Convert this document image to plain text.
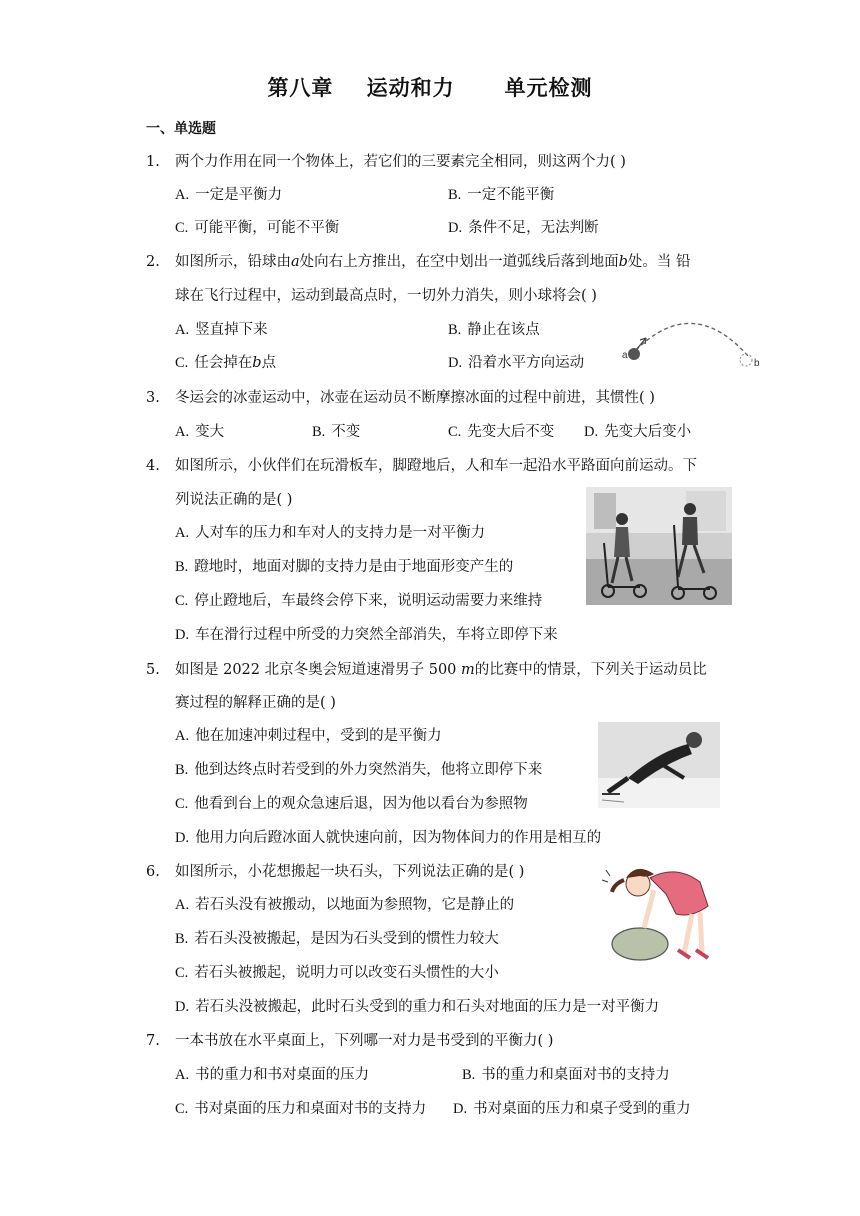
第八章    运动和力      单元检测
一、单选题
1. 两个力作用在同一个物体上，若它们的三要素完全相同，则这两个力( )
A. 一定是平衡力	B. 一定不能平衡
C. 可能平衡，可能不平衡	D. 条件不足，无法判断
2. 如图所示，铅球由𝑎处向右上方推出，在空中划出一道弧线后落到地面𝑏处。当 铅
球在飞行过程中，运动到最高点时，一切外力消失，则小球将会( )
A. 竖直掉下来	B. 静止在该点
C. 任会掉在𝑏点	D. 沿着水平方向运动	a
b
3. 冬运会的冰壶运动中，冰壶在运动员不断摩擦冰面的过程中前进，其惯性( )
A. 变大	B. 不变	C. 先变大后不变 D. 先变大后变小
4. 如图所示，小伙伴们在玩滑板车，脚蹬地后，人和车一起沿水平路面向前运动。下
列说法正确的是( )
A. 人对车的压力和车对人的支持力是一对平衡力
B. 蹬地时，地面对脚的支持力是由于地面形变产生的
C. 停止蹬地后，车最终会停下来，说明运动需要力来维持
D. 车在滑行过程中所受的力突然全部消失，车将立即停下来
5. 如图是 2022 北京冬奥会短道速滑男子 500 𝑚的比赛中的情景，下列关于运动员比
赛过程的解释正确的是( )
A. 他在加速冲刺过程中，受到的是平衡力
B. 他到达终点时若受到的外力突然消失，他将立即停下来
C. 他看到台上的观众急速后退，因为他以看台为参照物
D. 他用力向后蹬冰面人就快速向前，因为物体间力的作用是相互的
6. 如图所示，小花想搬起一块石头，下列说法正确的是( )
A. 若石头没有被搬动，以地面为参照物，它是静止的
B. 若石头没被搬起，是因为石头受到的惯性力较大
C. 若石头被搬起，说明力可以改变石头惯性的大小
D. 若石头没被搬起，此时石头受到的重力和石头对地面的压力是一对平衡力
7. 一本书放在水平桌面上，下列哪一对力是书受到的平衡力( )
A. 书的重力和书对桌面的压力	B. 书的重力和桌面对书的支持力
C. 书对桌面的压力和桌面对书的支持力 D. 书对桌面的压力和桌子受到的重力
